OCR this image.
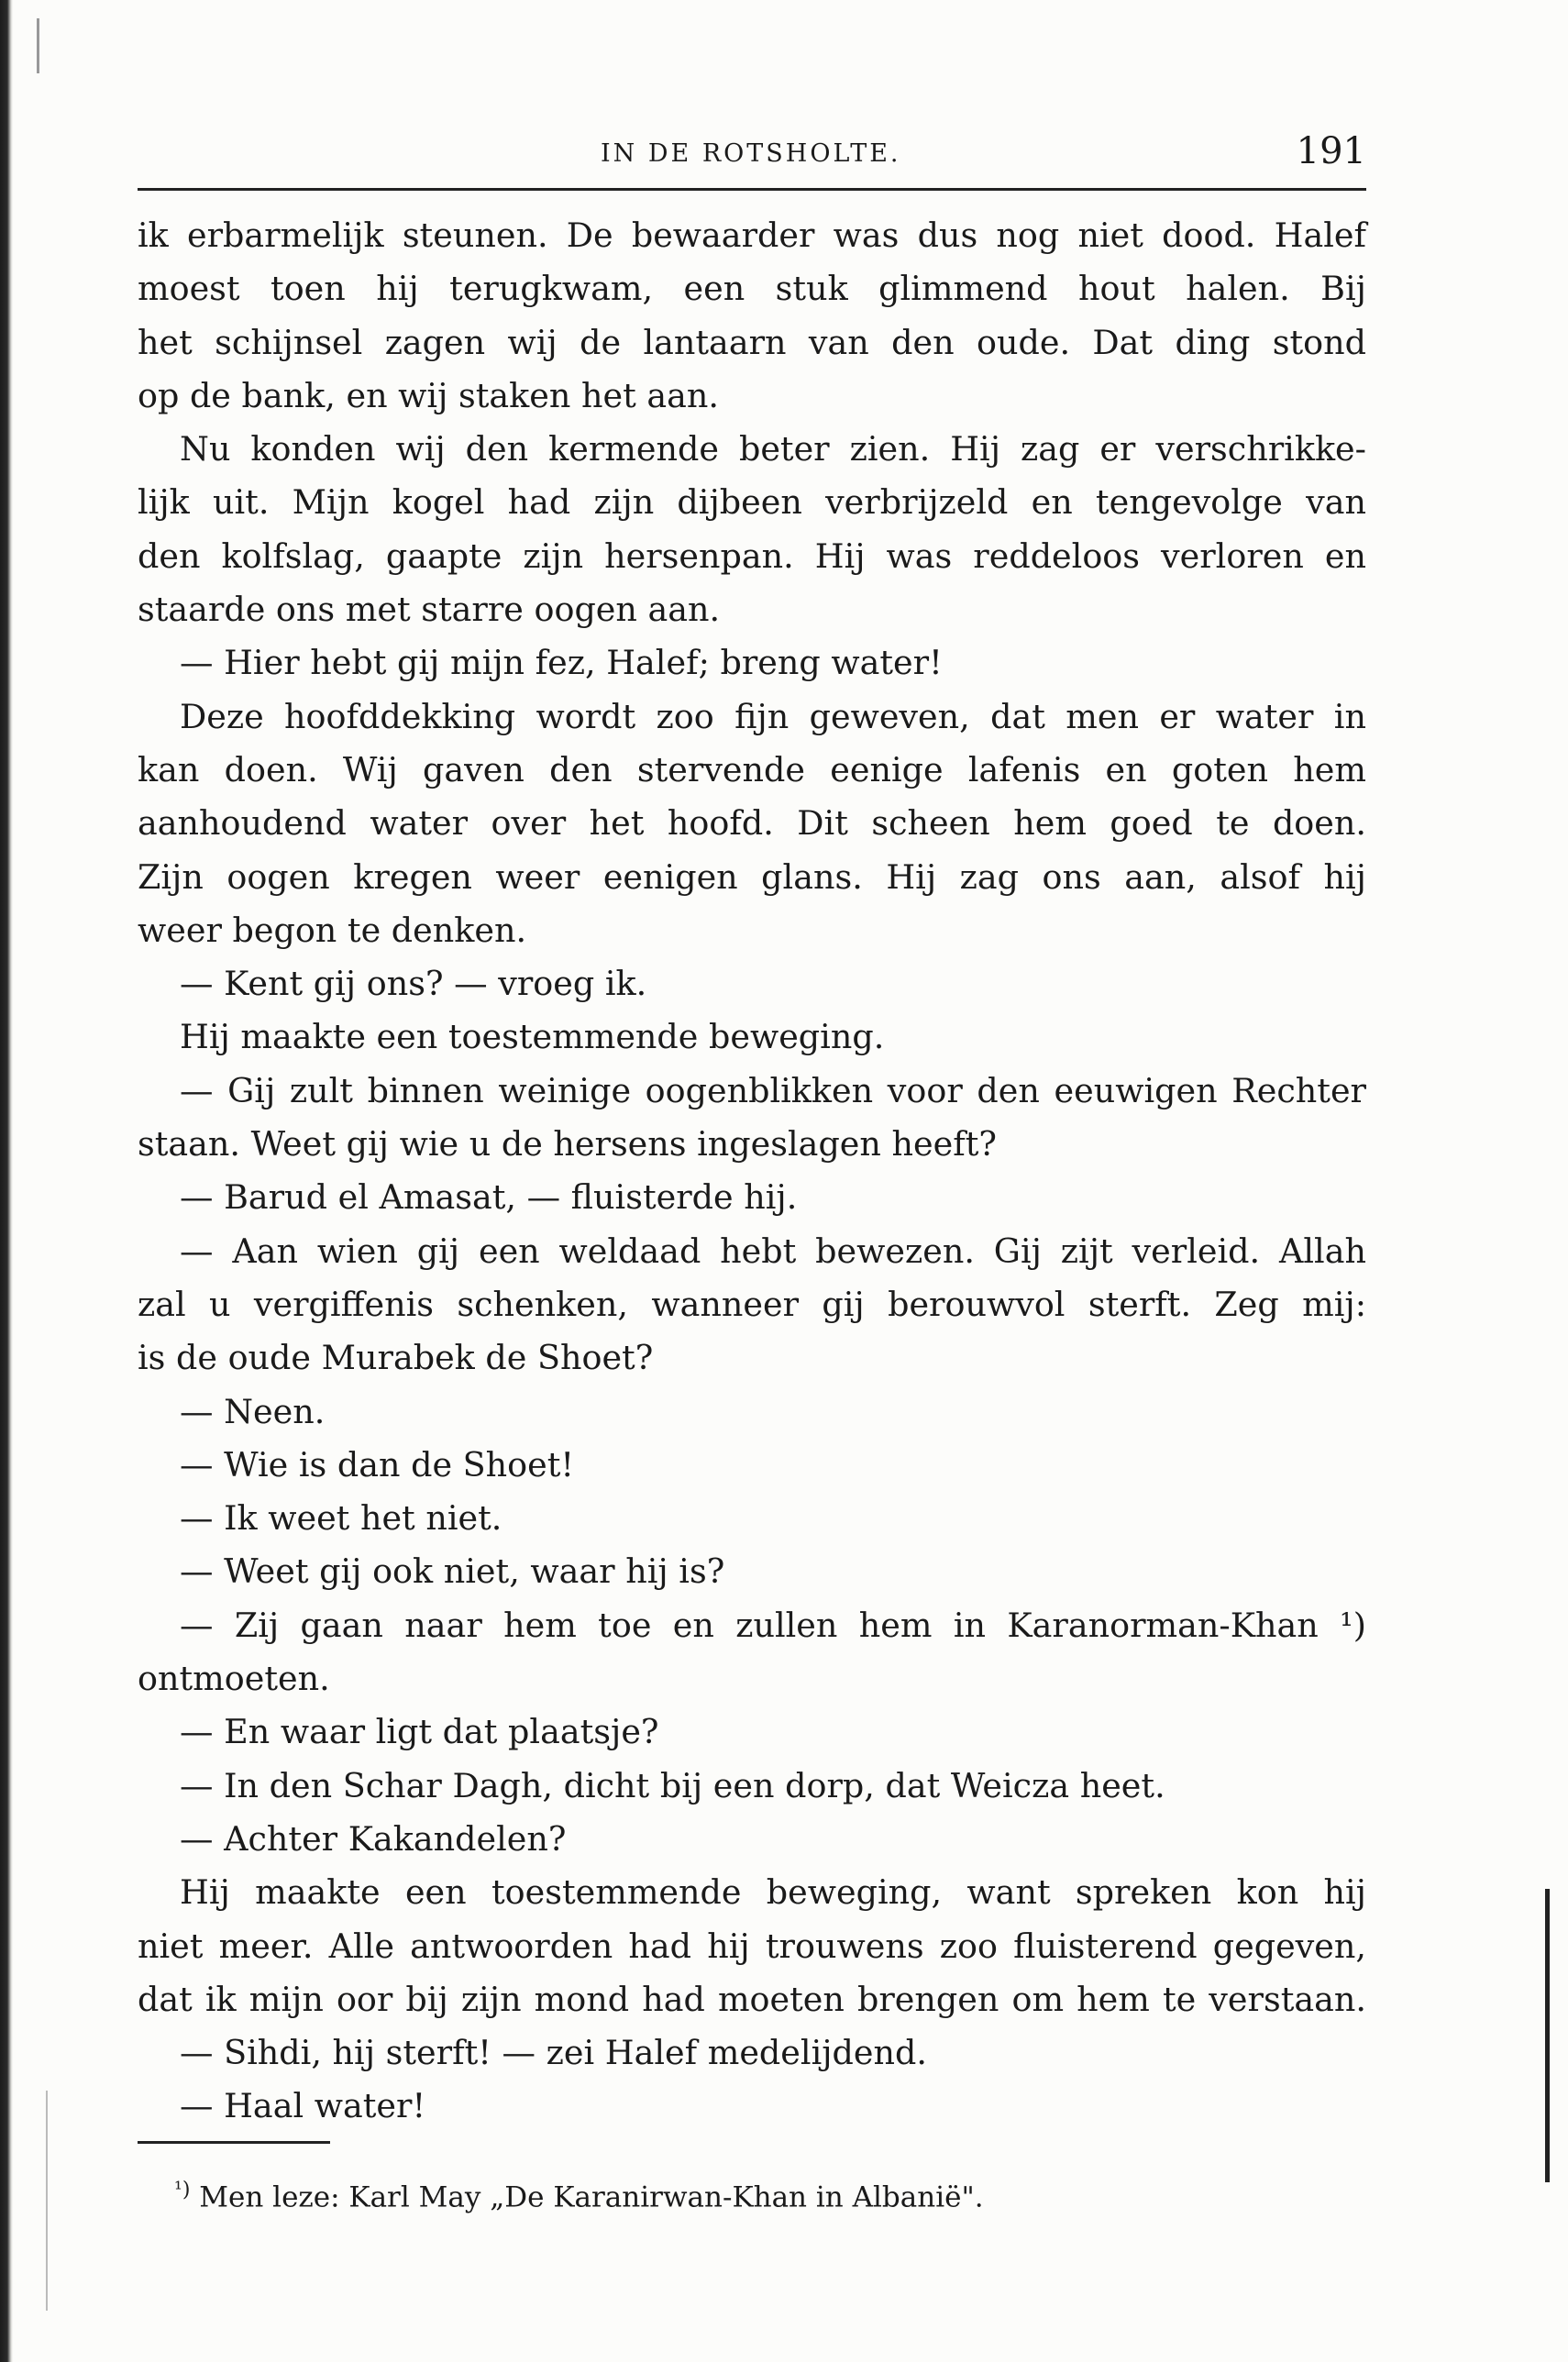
IN DE ROTSHOLTE.	191
ik erbarmelijk steunen. De bewaarder was dus nog niet dood. Halef
moest toen hij terugkwam, een stuk glimmend hout halen. Bij
het schijnsel zagen wij de lantaarn van den oude. Dat ding stond
op de bank, en wij staken het aan.
Nu konden wij den kermende beter zien. Hij zag er verschrikke-
lijk uit. Mijn kogel had zijn dijbeen verbrijzeld en tengevolge van
den kolfslag, gaapte zijn hersenpan. Hij was reddeloos verloren en
staarde ons met starre oogen aan.
— Hier hebt gij mijn fez, Halef; breng water!
Deze hoofddekking wordt zoo fijn geweven, dat men er water in
kan doen. Wij gaven den stervende eenige lafenis en goten hem
aanhoudend water over het hoofd. Dit scheen hem goed te doen.
Zijn oogen kregen weer eenigen glans. Hij zag ons aan, alsof hij
weer begon te denken.
— Kent gij ons? — vroeg ik.
Hij maakte een toestemmende beweging.
— Gij zult binnen weinige oogenblikken voor den eeuwigen Rechter
staan. Weet gij wie u de hersens ingeslagen heeft?
— Barud el Amasat, — fluisterde hij.
— Aan wien gij een weldaad hebt bewezen. Gij zijt verleid. Allah
zal u vergiffenis schenken, wanneer gij berouwvol sterft. Zeg mij:
is de oude Murabek de Shoet?
— Neen.
— Wie is dan de Shoet!
— Ik weet het niet.
— Weet gij ook niet, waar hij is?
— Zij gaan naar hem toe en zullen hem in Karanorman-Khan ¹)
ontmoeten.
— En waar ligt dat plaatsje?
— In den Schar Dagh, dicht bij een dorp, dat Weicza heet.
— Achter Kakandelen?
Hij maakte een toestemmende beweging, want spreken kon hij
niet meer. Alle antwoorden had hij trouwens zoo fluisterend gegeven,
dat ik mijn oor bij zijn mond had moeten brengen om hem te verstaan.
— Sihdi, hij sterft! — zei Halef medelijdend.
— Haal water!
$^{^1)}$ Men leze: Karl May „De Karanirwan-Khan in Albanië".
